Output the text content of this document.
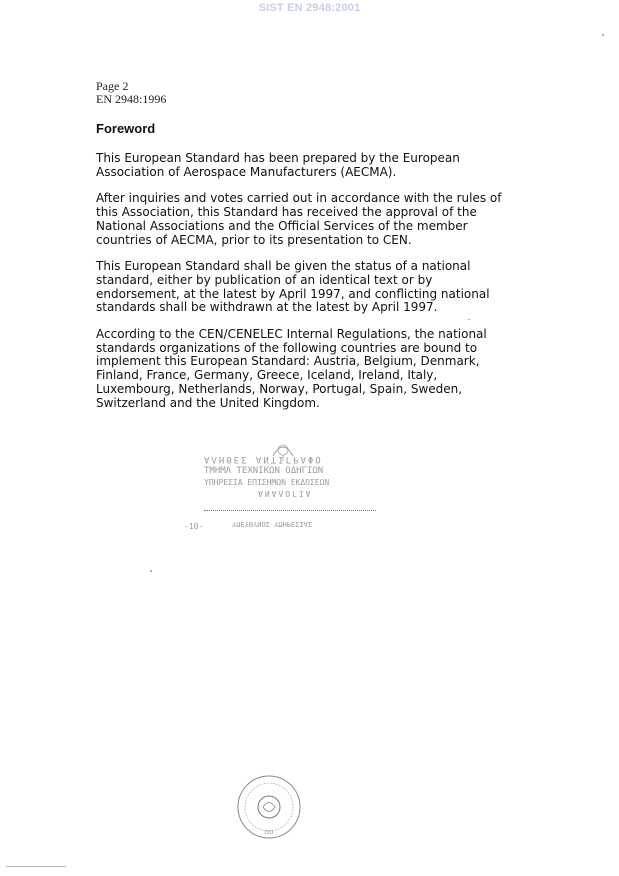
SIST EN 2948:2001
Page 2
EN 2948:1996
Foreword

This European Standard has been prepared by the European
Association of Aerospace Manufacturers (AECMA).

After inquiries and votes carried out in accordance with the rules of
this Association, this Standard has received the approval of the
National Associations and the Official Services of the member
countries of AECMA, prior to its presentation to CEN.

This European Standard shall be given the status of a national
standard, either by publication of an identical text or by
endorsement, at the latest by April 1997, and conflicting national
standards shall be withdrawn at the latest by April 1997.

According to the CEN/CENELEC Internal Regulations, the national
standards organizations of the following countries are bound to
implement this European Standard: Austria, Belgium, Denmark,
Finland, France, Germany, Greece, Iceland, Ireland, Italy,
Luxembourg, Netherlands, Norway, Portugal, Spain, Sweden,
Switzerland and the United Kingdom.

ΑΛΗΘΕΣ ΑΝΤΙΓΡΑΦΟ
ΤΜΗΜΑ ΤΕΧΝΙΚΩΝ ΟΔΗΓΙΩΝ
ΥΠΗΡΕΣΙΑ ΕΠΙΣΗΜΩΝ ΕΚΔΟΣΕΩΝ
ΑΝΑΛΟΓΙΑ
-10-	ΥΠΕΥΘΥΝΟΣ ΥΠΗΡΕΣΙΑΣ
CIO
